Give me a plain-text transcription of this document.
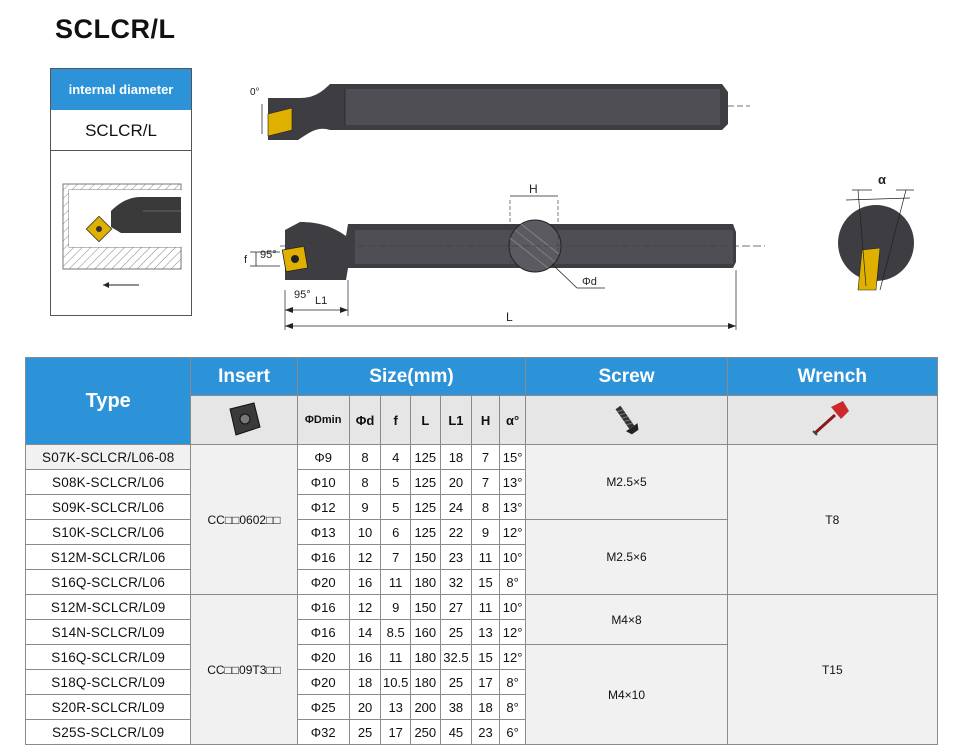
SCLCR/L
internal diameter
SCLCR/L
0°
H
Φd
f 95°
95° L1
L
α
Type	Insert	Size(mm)							Screw	Wrench
	ΦDmin	Φd	f	L	L1	H	α°		
S07K-SCLCR/L06-08	CC□□0602□□	Φ9	8	4	125	18	7	15°	M2.5×5	T8
S08K-SCLCR/L06		Φ10	8	5	125	20	7	13°		
S09K-SCLCR/L06		Φ12	9	5	125	24	8	13°		
S10K-SCLCR/L06		Φ13	10	6	125	22	9	12°	M2.5×6	
S12M-SCLCR/L06		Φ16	12	7	150	23	11	10°		
S16Q-SCLCR/L06		Φ20	16	11	180	32	15	8°		
S12M-SCLCR/L09	CC□□09T3□□	Φ16	12	9	150	27	11	10°	M4×8	T15
S14N-SCLCR/L09		Φ16	14	8.5	160	25	13	12°		
S16Q-SCLCR/L09		Φ20	16	11	180	32.5	15	12°	M4×10	
S18Q-SCLCR/L09		Φ20	18	10.5	180	25	17	8°		
S20R-SCLCR/L09		Φ25	20	13	200	38	18	8°		
S25S-SCLCR/L09		Φ32	25	17	250	45	23	6°		
